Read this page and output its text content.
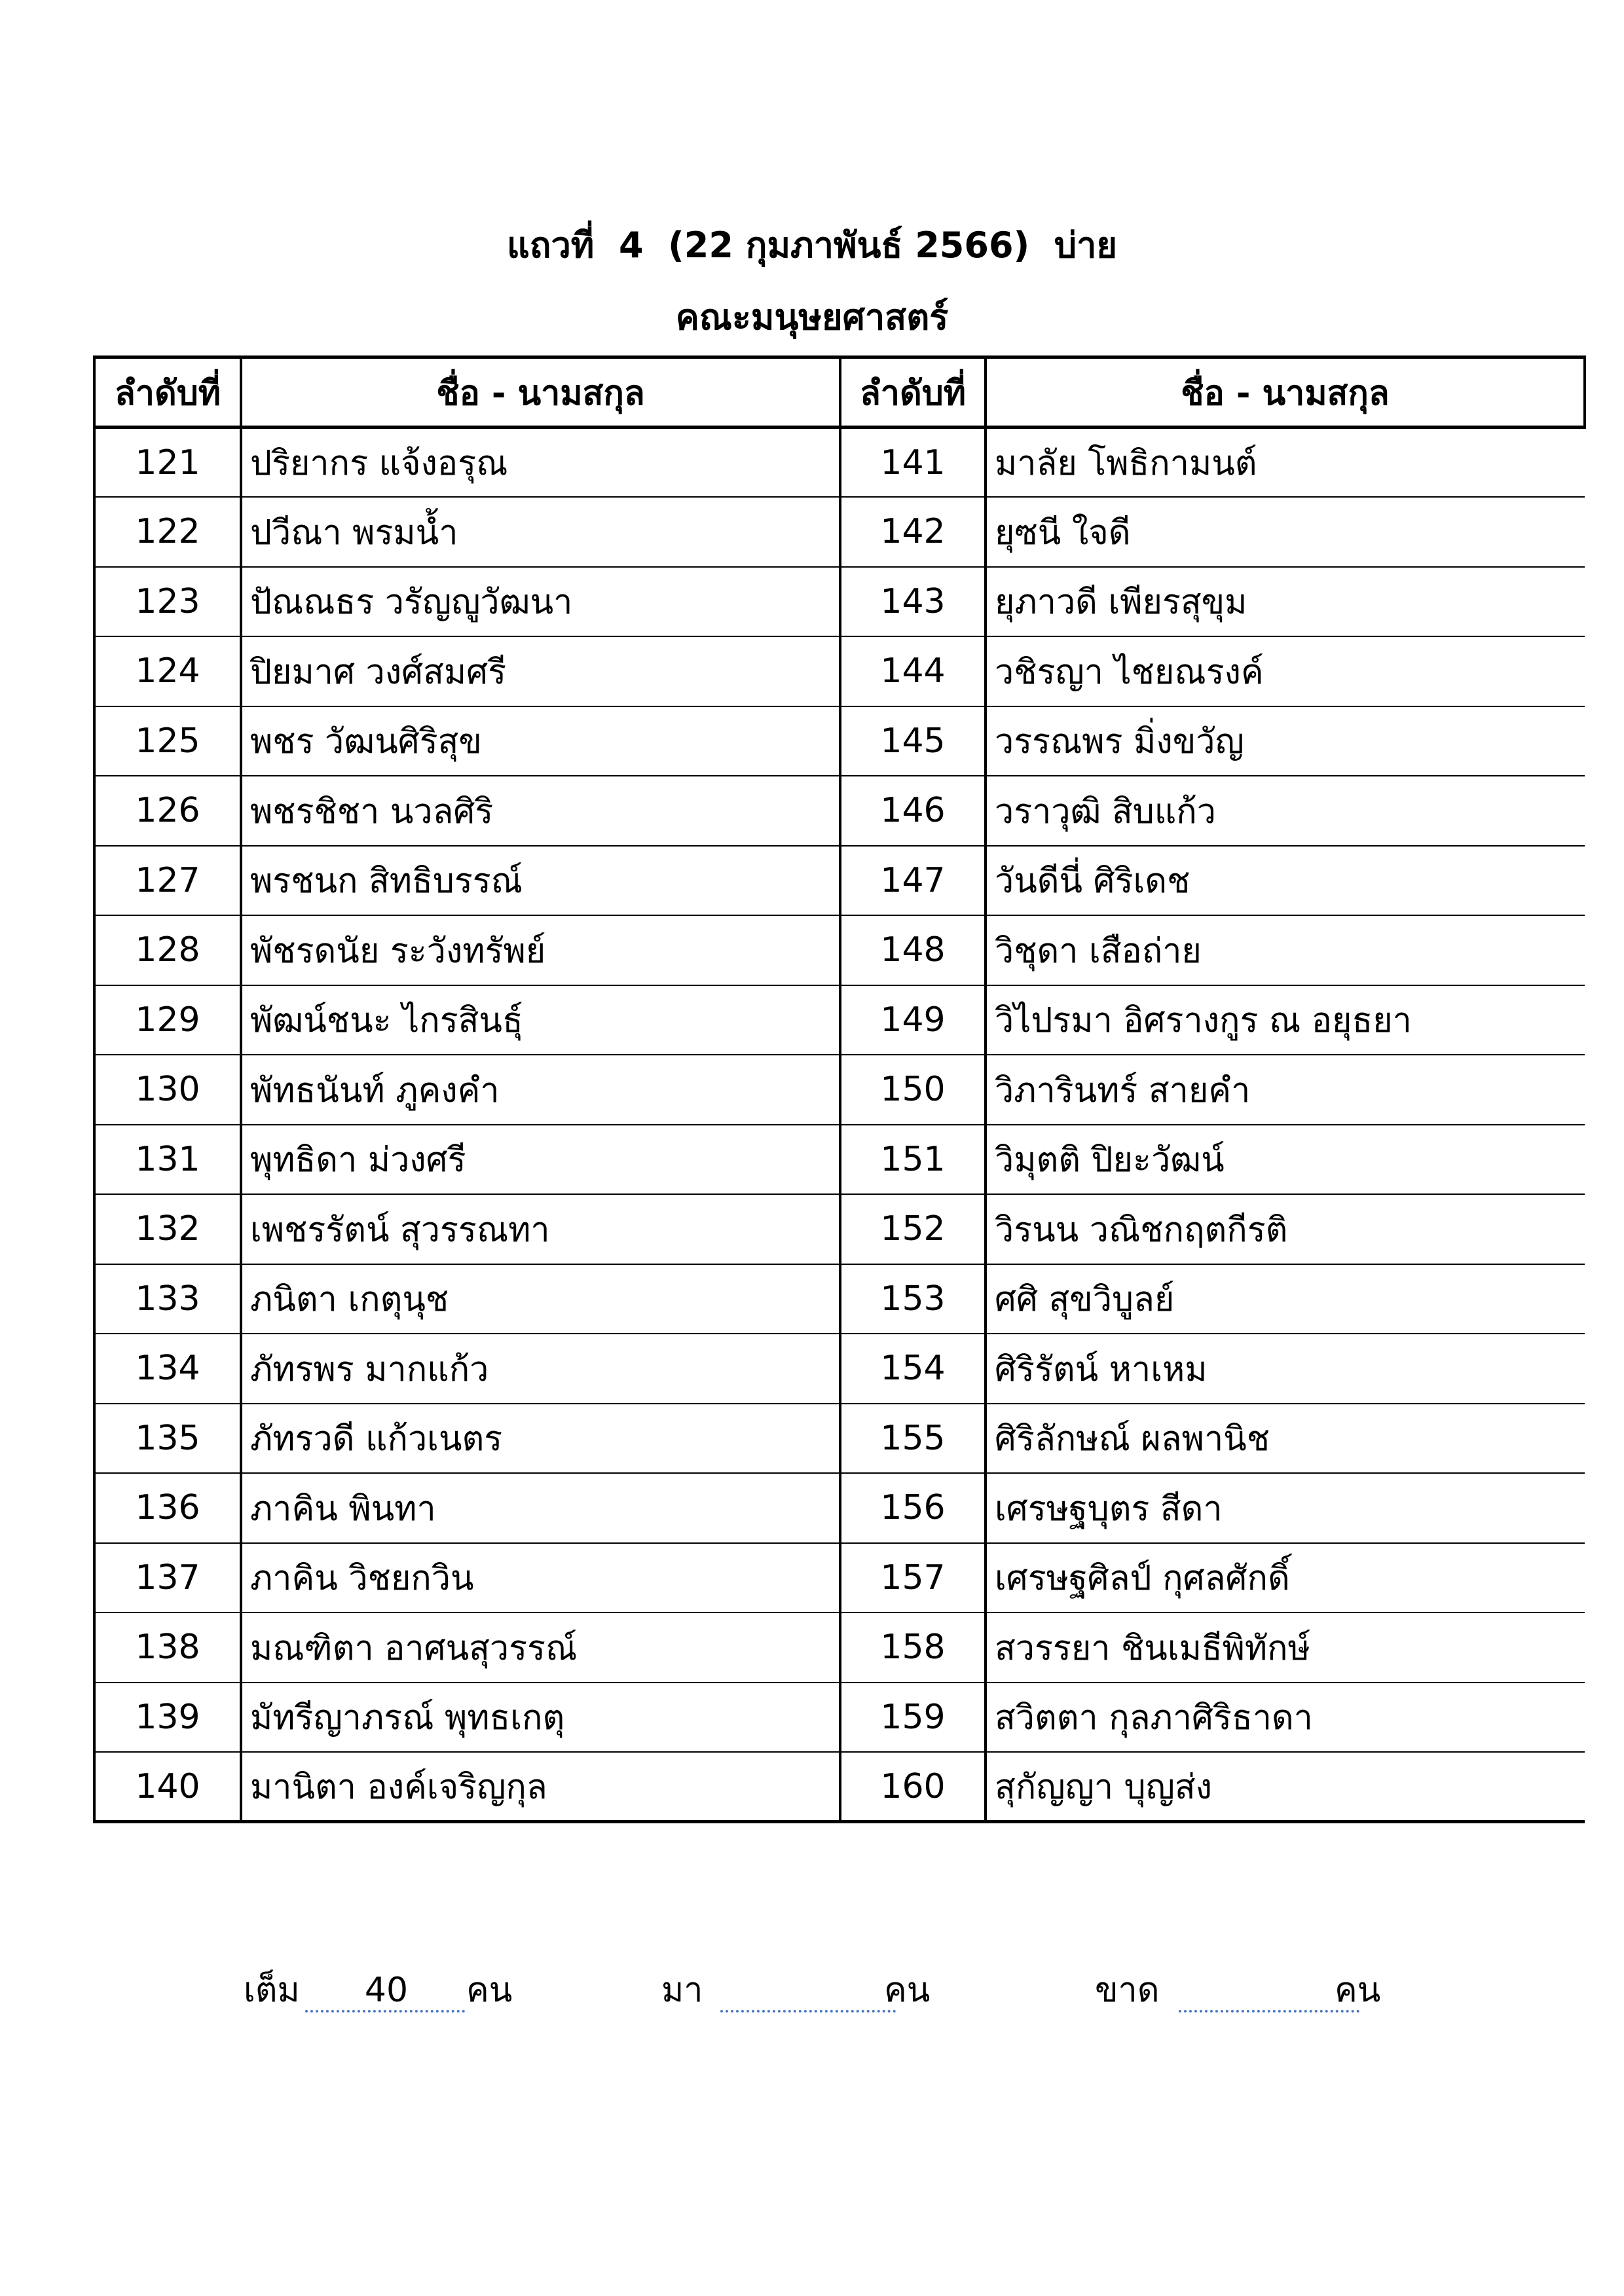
แถวที่  4  (22 กุมภาพันธ์ 2566)  บ่าย
คณะมนุษยศาสตร์
ลำดับที่	ชื่อ - นามสกุล	ลำดับที่	ชื่อ - นามสกุล
121	ปริยากร แจ้งอรุณ	141	มาลัย โพธิกามนต์
122	ปวีณา พรมน้ำ	142	ยุซนี ใจดี
123	ปัณณธร วรัญญูวัฒนา	143	ยุภาวดี เพียรสุขุม
124	ปิยมาศ วงศ์สมศรี	144	วชิรญา ไชยณรงค์
125	พชร วัฒนศิริสุข	145	วรรณพร มิ่งขวัญ
126	พชรชิชา นวลศิริ	146	วราวุฒิ สิบแก้ว
127	พรชนก สิทธิบรรณ์	147	วันดีนี่ ศิริเดช
128	พัชรดนัย ระวังทรัพย์	148	วิชุดา เสือถ่าย
129	พัฒน์ชนะ ไกรสินธุ์	149	วิไปรมา อิศรางกูร ณ อยุธยา
130	พัทธนันท์ ภูคงคำ	150	วิภารินทร์ สายคำ
131	พุทธิดา ม่วงศรี	151	วิมุตติ ปิยะวัฒน์
132	เพชรรัตน์ สุวรรณทา	152	วิรนน วณิชกฤตกีรติ
133	ภนิตา เกตุนุช	153	ศศิ สุขวิบูลย์
134	ภัทรพร มากแก้ว	154	ศิริรัตน์ หาเหม
135	ภัทรวดี แก้วเนตร	155	ศิริลักษณ์ ผลพานิช
136	ภาคิน พินทา	156	เศรษฐบุตร สีดา
137	ภาคิน วิชยกวิน	157	เศรษฐศิลป์ กุศลศักดิ์
138	มณฑิตา อาศนสุวรรณ์	158	สวรรยา ชินเมธีพิทักษ์
139	มัทรีญาภรณ์ พุทธเกตุ	159	สวิตตา กุลภาศิริธาดา
140	มานิตา องค์เจริญกุล	160	สุกัญญา บุญส่ง
เต็ม	40	คน	มา	คน	ขาด	คน
